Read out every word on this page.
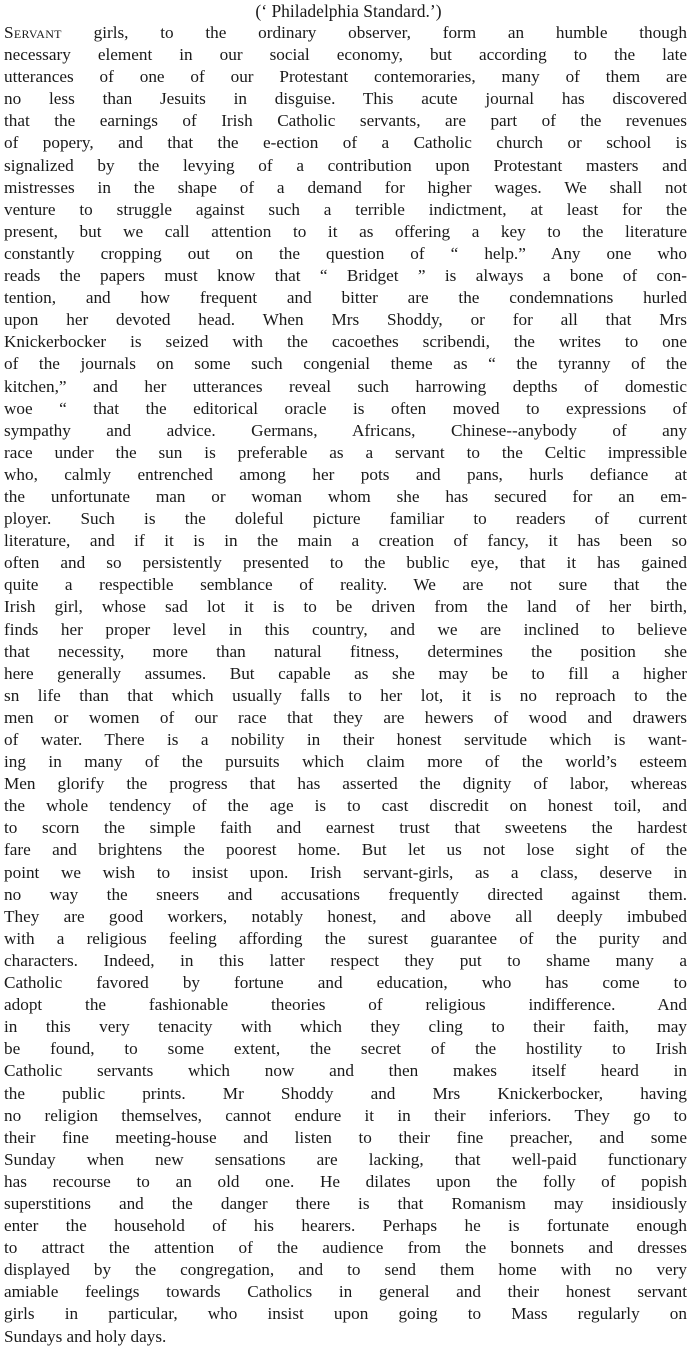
(‘ Philadelphia Standard.’)

Servant girls, to the ordinary observer, form an humble though
necessary element in our social economy, but according to the late
utterances of one of our Protestant contemoraries, many of them are
no less than Jesuits in disguise. This acute journal has discovered
that the earnings of Irish Catholic servants, are part of the revenues
of popery, and that the e-ection of a Catholic church or school is
signalized by the levying of a contribution upon Protestant masters and
mistresses in the shape of a demand for higher wages. We shall not
venture to struggle against such a terrible indictment, at least for the
present, but we call attention to it as offering a key to the literature
constantly cropping out on the question of “ help.” Any one who
reads the papers must know that “ Bridget ” is always a bone of con-
tention, and how frequent and bitter are the condemnations hurled
upon her devoted head. When Mrs Shoddy, or for all that Mrs
Knickerbocker is seized with the cacoethes scribendi, the writes to one
of the journals on some such congenial theme as “ the tyranny of the
kitchen,” and her utterances reveal such harrowing depths of domestic
woe “ that the editorical oracle is often moved to expressions of
sympathy and advice. Germans, Africans, Chinese--anybody of any
race under the sun is preferable as a servant to the Celtic impressible
who, calmly entrenched among her pots and pans, hurls defiance at
the unfortunate man or woman whom she has secured for an em-
ployer. Such is the doleful picture familiar to readers of current
literature, and if it is in the main a creation of fancy, it has been so
often and so persistently presented to the bublic eye, that it has gained
quite a respectible semblance of reality. We are not sure that the
Irish girl, whose sad lot it is to be driven from the land of her birth,
finds her proper level in this country, and we are inclined to believe
that necessity, more than natural fitness, determines the position she
here generally assumes. But capable as she may be to fill a higher
sn life than that which usually falls to her lot, it is no reproach to the
men or women of our race that they are hewers of wood and drawers
of water. There is a nobility in their honest servitude which is want-
ing in many of the pursuits which claim more of the world’s esteem
Men glorify the progress that has asserted the dignity of labor, whereas
the whole tendency of the age is to cast discredit on honest toil, and
to scorn the simple faith and earnest trust that sweetens the hardest
fare and brightens the poorest home. But let us not lose sight of the
point we wish to insist upon. Irish servant-girls, as a class, deserve in
no way the sneers and accusations frequently directed against them.
They are good workers, notably honest, and above all deeply imbubed
with a religious feeling affording the surest guarantee of the purity and
characters. Indeed, in this latter respect they put to shame many a
Catholic favored by fortune and education, who has come to
adopt the fashionable theories of religious indifference. And
in this very tenacity with which they cling to their faith, may
be found, to some extent, the secret of the hostility to Irish
Catholic servants which now and then makes itself heard in
the public prints. Mr Shoddy and Mrs Knickerbocker, having
no religion themselves, cannot endure it in their inferiors. They go to
their fine meeting-house and listen to their fine preacher, and some
Sunday when new sensations are lacking, that well-paid functionary
has recourse to an old one. He dilates upon the folly of popish
superstitions and the danger there is that Romanism may insidiously
enter the household of his hearers. Perhaps he is fortunate enough
to attract the attention of the audience from the bonnets and dresses
displayed by the congregation, and to send them home with no very
amiable feelings towards Catholics in general and their honest servant
girls in particular, who insist upon going to Mass regularly on
Sundays and holy days.
